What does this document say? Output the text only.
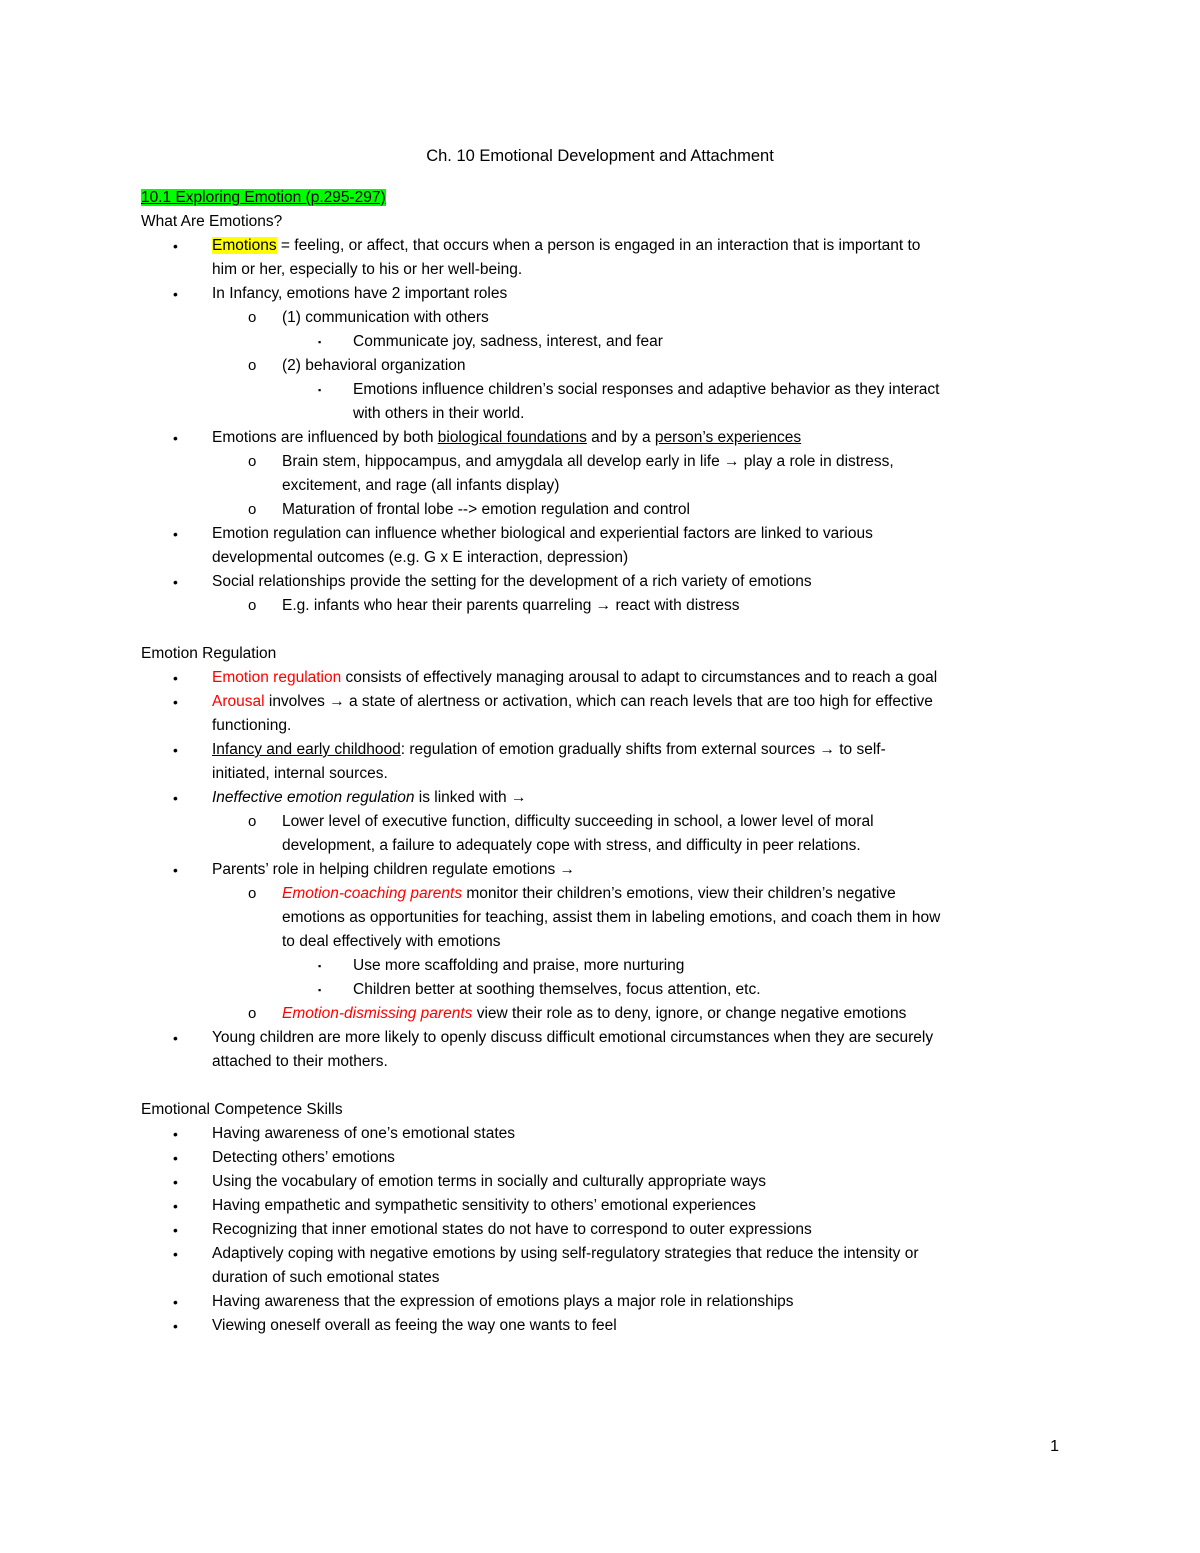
Ch. 10 Emotional Development and Attachment
10.1 Exploring Emotion (p.295-297)
What Are Emotions?
• Emotions = feeling, or affect, that occurs when a person is engaged in an interaction that is important to
him or her, especially to his or her well-being.
• In Infancy, emotions have 2 important roles
o (1) communication with others
▪ Communicate joy, sadness, interest, and fear
o (2) behavioral organization
▪ Emotions influence children’s social responses and adaptive behavior as they interact
with others in their world.
• Emotions are influenced by both biological foundations and by a person’s experiences
o Brain stem, hippocampus, and amygdala all develop early in life → play a role in distress,
excitement, and rage (all infants display)
o Maturation of frontal lobe --> emotion regulation and control
• Emotion regulation can influence whether biological and experiential factors are linked to various
developmental outcomes (e.g. G x E interaction, depression)
• Social relationships provide the setting for the development of a rich variety of emotions
o E.g. infants who hear their parents quarreling → react with distress
Emotion Regulation
• Emotion regulation consists of effectively managing arousal to adapt to circumstances and to reach a goal
• Arousal involves → a state of alertness or activation, which can reach levels that are too high for effective
functioning.
• Infancy and early childhood: regulation of emotion gradually shifts from external sources → to self-
initiated, internal sources.
• Ineffective emotion regulation is linked with →
o Lower level of executive function, difficulty succeeding in school, a lower level of moral
development, a failure to adequately cope with stress, and difficulty in peer relations.
• Parents’ role in helping children regulate emotions →
o Emotion-coaching parents monitor their children’s emotions, view their children’s negative
emotions as opportunities for teaching, assist them in labeling emotions, and coach them in how
to deal effectively with emotions
▪ Use more scaffolding and praise, more nurturing
▪ Children better at soothing themselves, focus attention, etc.
o Emotion-dismissing parents view their role as to deny, ignore, or change negative emotions
• Young children are more likely to openly discuss difficult emotional circumstances when they are securely
attached to their mothers.
Emotional Competence Skills
• Having awareness of one’s emotional states
• Detecting others’ emotions
• Using the vocabulary of emotion terms in socially and culturally appropriate ways
• Having empathetic and sympathetic sensitivity to others’ emotional experiences
• Recognizing that inner emotional states do not have to correspond to outer expressions
• Adaptively coping with negative emotions by using self-regulatory strategies that reduce the intensity or
duration of such emotional states
• Having awareness that the expression of emotions plays a major role in relationships
• Viewing oneself overall as feeing the way one wants to feel
1
